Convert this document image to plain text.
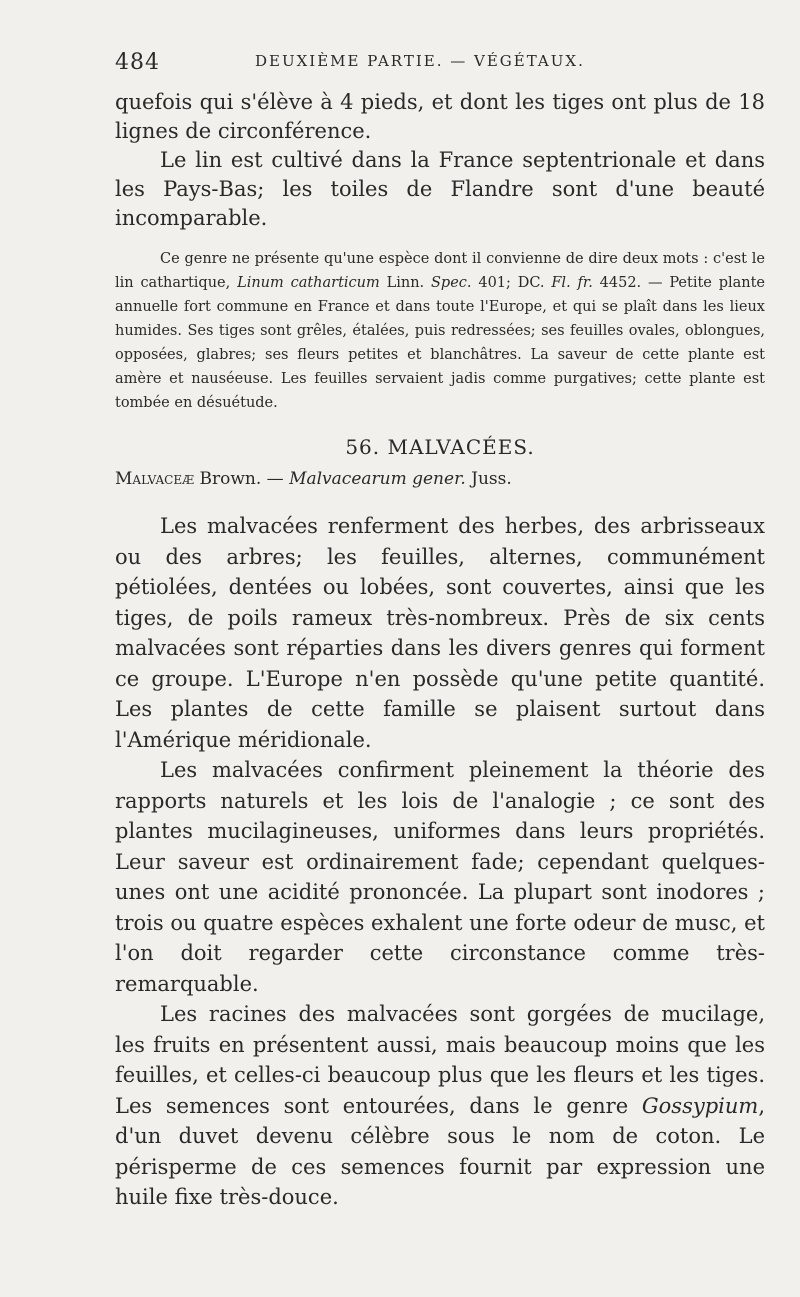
484	DEUXIÈME PARTIE. — VÉGÉTAUX.

quefois qui s'élève à 4 pieds, et dont les tiges ont plus de 18 lignes de circonférence.

Le lin est cultivé dans la France septentrionale et dans les Pays-Bas; les toiles de Flandre sont d'une beauté incomparable.

Ce genre ne présente qu'une espèce dont il convienne de dire deux mots : c'est le lin cathartique, Linum catharticum Linn. Spec. 401; DC. Fl. fr. 4452. — Petite plante annuelle fort commune en France et dans toute l'Europe, et qui se plaît dans les lieux humides. Ses tiges sont grêles, étalées, puis redressées; ses feuilles ovales, oblongues, opposées, glabres; ses fleurs petites et blanchâtres. La saveur de cette plante est amère et nauséeuse. Les feuilles servaient jadis comme purgatives; cette plante est tombée en désuétude.

56. MALVACÉES.

Malvaceæ Brown. — Malvacearum gener. Juss.

Les malvacées renferment des herbes, des arbrisseaux ou des arbres; les feuilles, alternes, communément pétiolées, dentées ou lobées, sont couvertes, ainsi que les tiges, de poils rameux très-nombreux. Près de six cents malvacées sont réparties dans les divers genres qui forment ce groupe. L'Europe n'en possède qu'une petite quantité. Les plantes de cette famille se plaisent surtout dans l'Amérique méridionale.

Les malvacées confirment pleinement la théorie des rapports naturels et les lois de l'analogie ; ce sont des plantes mucilagineuses, uniformes dans leurs propriétés. Leur saveur est ordinairement fade; cependant quelques-unes ont une acidité prononcée. La plupart sont inodores ; trois ou quatre espèces exhalent une forte odeur de musc, et l'on doit regarder cette circonstance comme très-remarquable.

Les racines des malvacées sont gorgées de mucilage, les fruits en présentent aussi, mais beaucoup moins que les feuilles, et celles-ci beaucoup plus que les fleurs et les tiges. Les semences sont entourées, dans le genre Gossypium, d'un duvet devenu célèbre sous le nom de coton. Le périsperme de ces semences fournit par expression une huile fixe très-douce.
